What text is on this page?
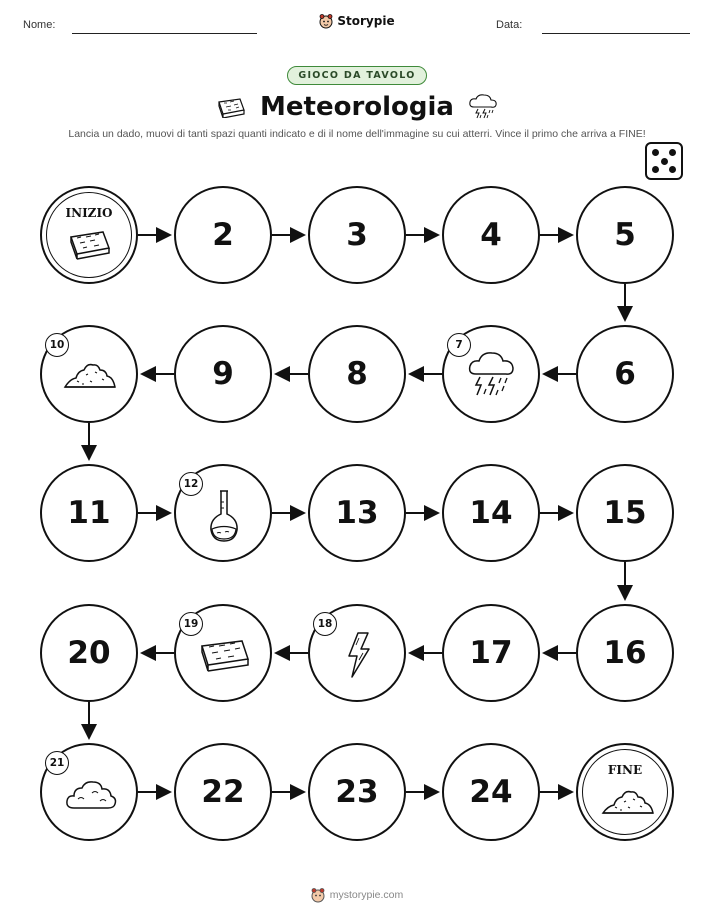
Nome:	Storypie	Data:
GIOCO DA TAVOLO
Meteorologia
Lancia un dado, muovi di tanti spazi quanti indicato e di il nome dell'immagine su cui atterri. Vince il primo che arriva a FINE!
INIZIO
2	3	4	5
10
9	8
7
6
11
12
13	14	15
20
19	18
17	16
21
22	23	24
FINE
mystorypie.com
